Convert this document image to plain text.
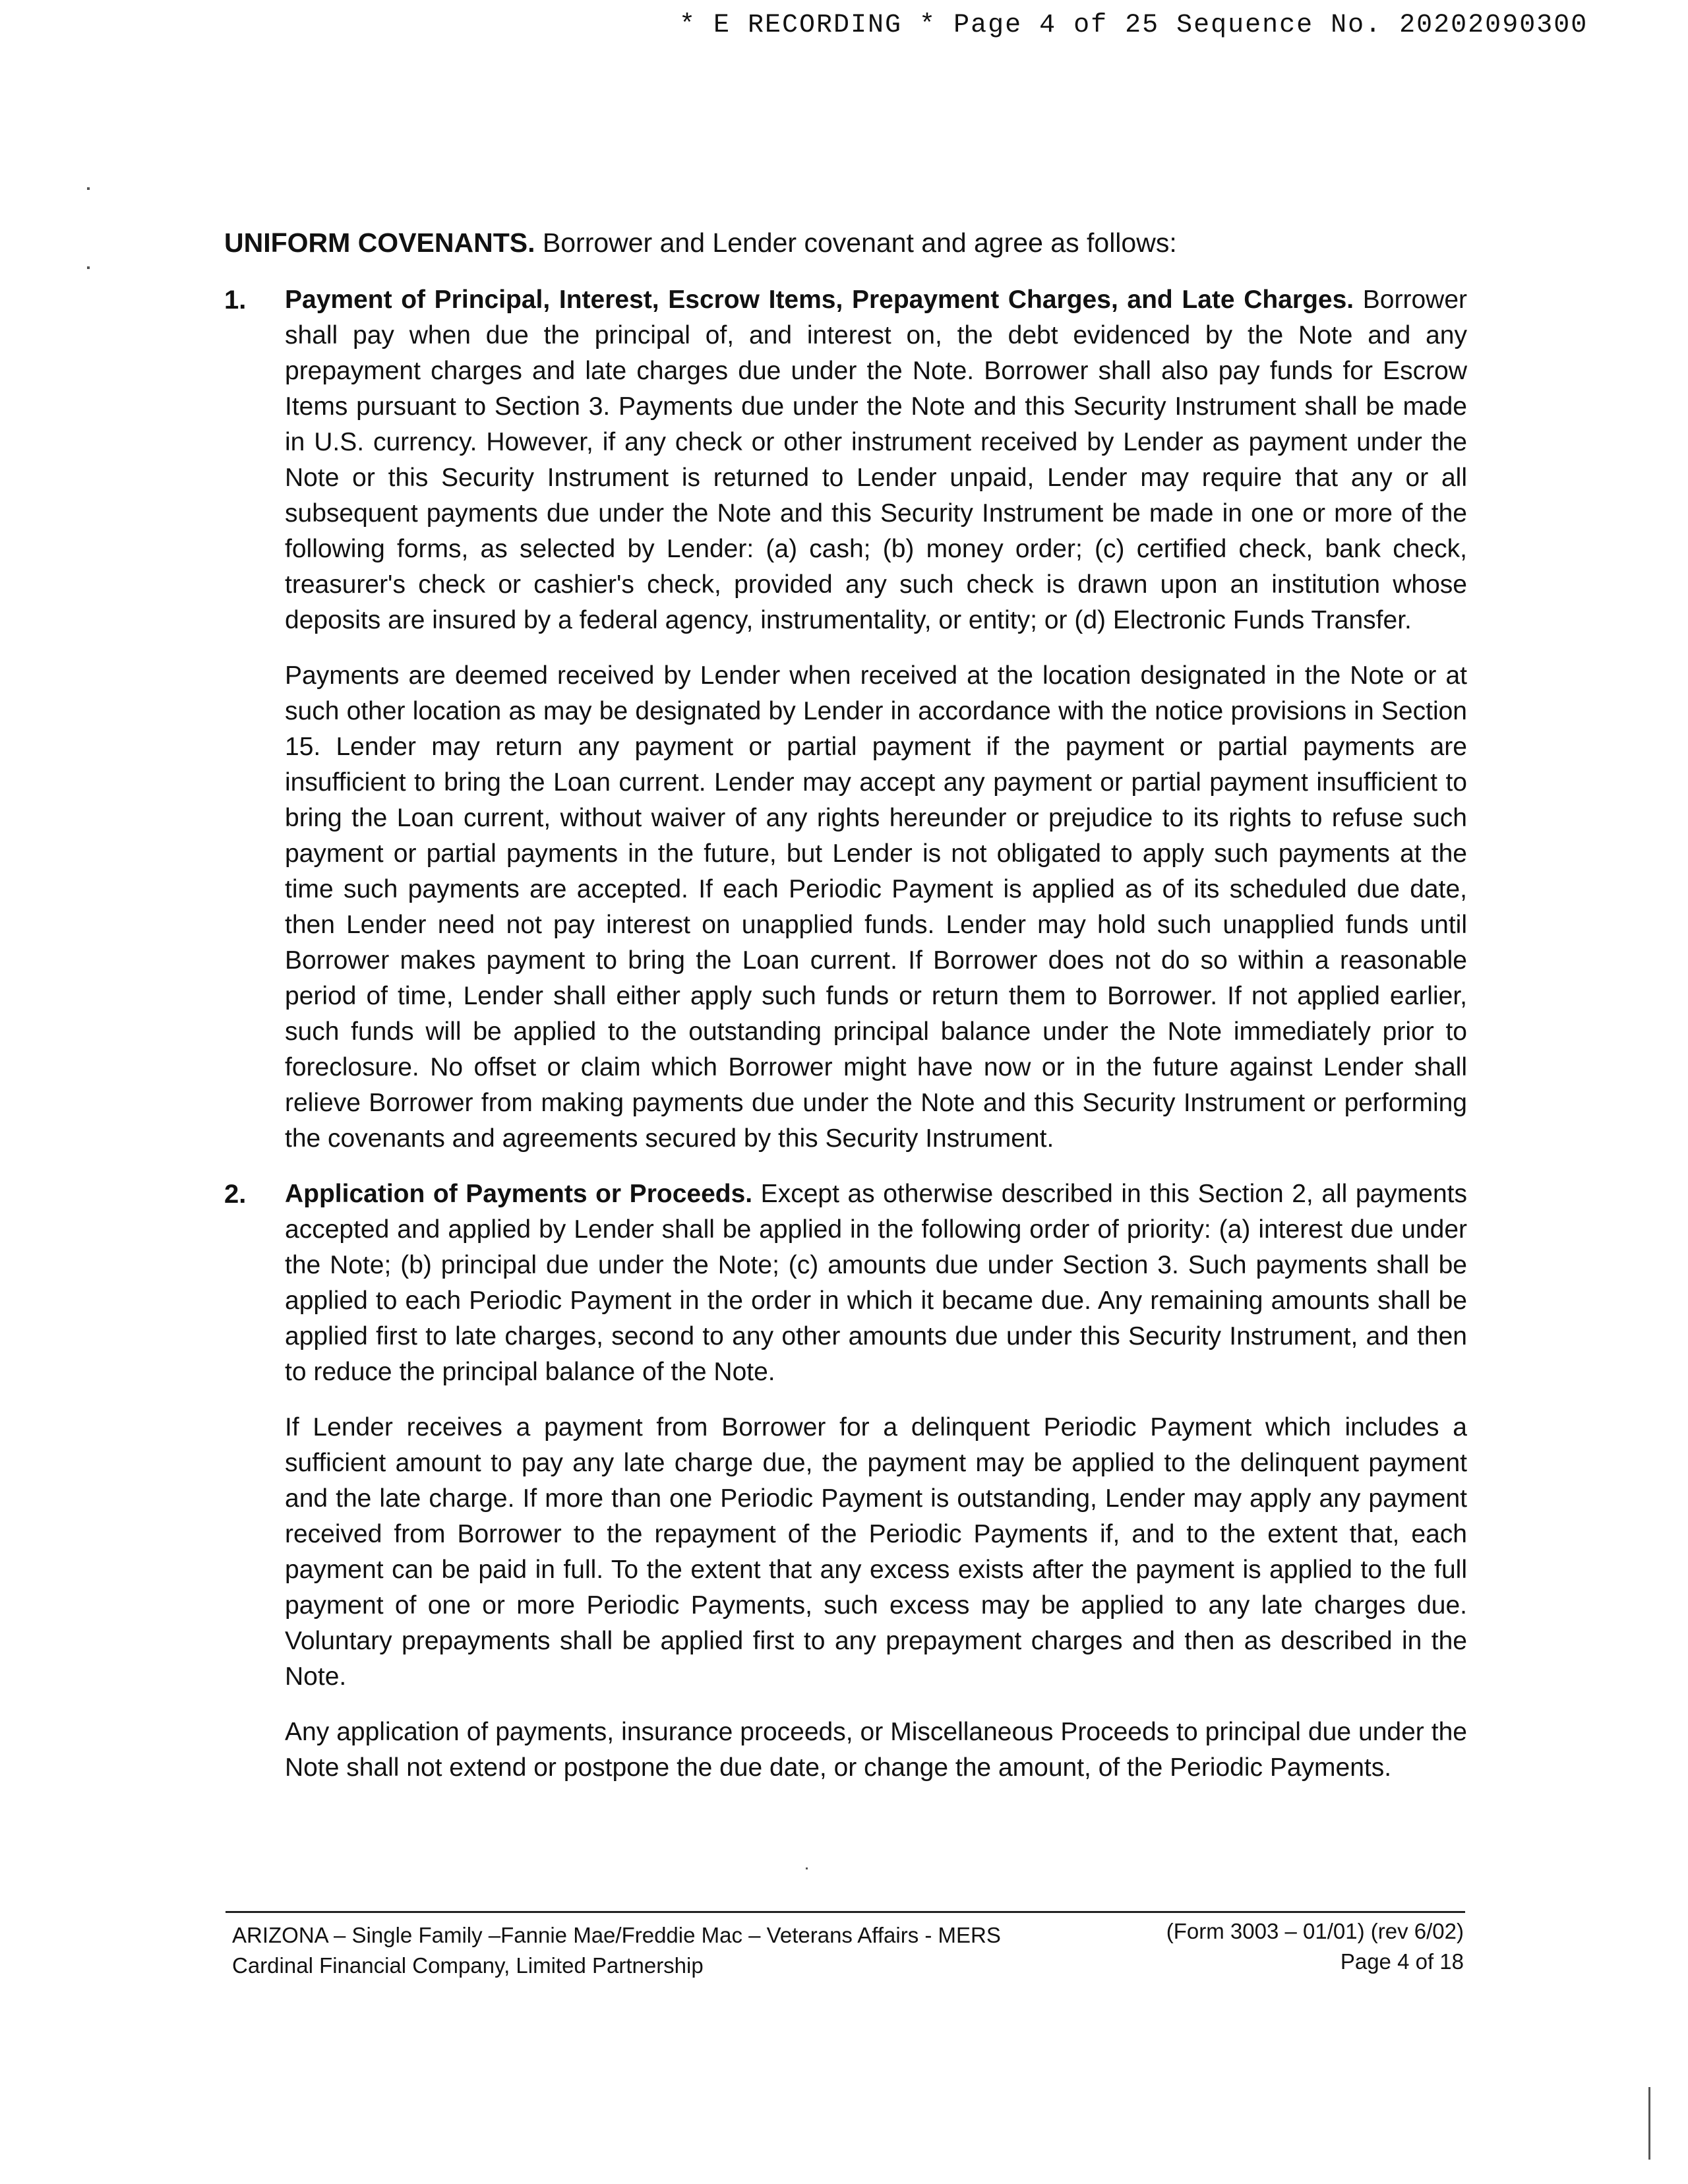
* E RECORDING * Page 4 of 25 Sequence No. 20202090300

UNIFORM COVENANTS. Borrower and Lender covenant and agree as follows:

1. Payment of Principal, Interest, Escrow Items, Prepayment Charges, and Late Charges. Borrower shall pay when due the principal of, and interest on, the debt evidenced by the Note and any prepayment charges and late charges due under the Note. Borrower shall also pay funds for Escrow Items pursuant to Section 3. Payments due under the Note and this Security Instrument shall be made in U.S. currency. However, if any check or other instrument received by Lender as payment under the Note or this Security Instrument is returned to Lender unpaid, Lender may require that any or all subsequent payments due under the Note and this Security Instrument be made in one or more of the following forms, as selected by Lender: (a) cash; (b) money order; (c) certified check, bank check, treasurer's check or cashier's check, provided any such check is drawn upon an institution whose deposits are insured by a federal agency, instrumentality, or entity; or (d) Electronic Funds Transfer.

Payments are deemed received by Lender when received at the location designated in the Note or at such other location as may be designated by Lender in accordance with the notice provisions in Section 15. Lender may return any payment or partial payment if the payment or partial payments are insufficient to bring the Loan current. Lender may accept any payment or partial payment insufficient to bring the Loan current, without waiver of any rights hereunder or prejudice to its rights to refuse such payment or partial payments in the future, but Lender is not obligated to apply such payments at the time such payments are accepted. If each Periodic Payment is applied as of its scheduled due date, then Lender need not pay interest on unapplied funds. Lender may hold such unapplied funds until Borrower makes payment to bring the Loan current. If Borrower does not do so within a reasonable period of time, Lender shall either apply such funds or return them to Borrower. If not applied earlier, such funds will be applied to the outstanding principal balance under the Note immediately prior to foreclosure. No offset or claim which Borrower might have now or in the future against Lender shall relieve Borrower from making payments due under the Note and this Security Instrument or performing the covenants and agreements secured by this Security Instrument.

2. Application of Payments or Proceeds. Except as otherwise described in this Section 2, all payments accepted and applied by Lender shall be applied in the following order of priority: (a) interest due under the Note; (b) principal due under the Note; (c) amounts due under Section 3. Such payments shall be applied to each Periodic Payment in the order in which it became due. Any remaining amounts shall be applied first to late charges, second to any other amounts due under this Security Instrument, and then to reduce the principal balance of the Note.

If Lender receives a payment from Borrower for a delinquent Periodic Payment which includes a sufficient amount to pay any late charge due, the payment may be applied to the delinquent payment and the late charge. If more than one Periodic Payment is outstanding, Lender may apply any payment received from Borrower to the repayment of the Periodic Payments if, and to the extent that, each payment can be paid in full. To the extent that any excess exists after the payment is applied to the full payment of one or more Periodic Payments, such excess may be applied to any late charges due. Voluntary prepayments shall be applied first to any prepayment charges and then as described in the Note.

Any application of payments, insurance proceeds, or Miscellaneous Proceeds to principal due under the Note shall not extend or postpone the due date, or change the amount, of the Periodic Payments.

ARIZONA – Single Family –Fannie Mae/Freddie Mac – Veterans Affairs - MERS
Cardinal Financial Company, Limited Partnership
(Form 3003 – 01/01) (rev 6/02)
Page 4 of 18
